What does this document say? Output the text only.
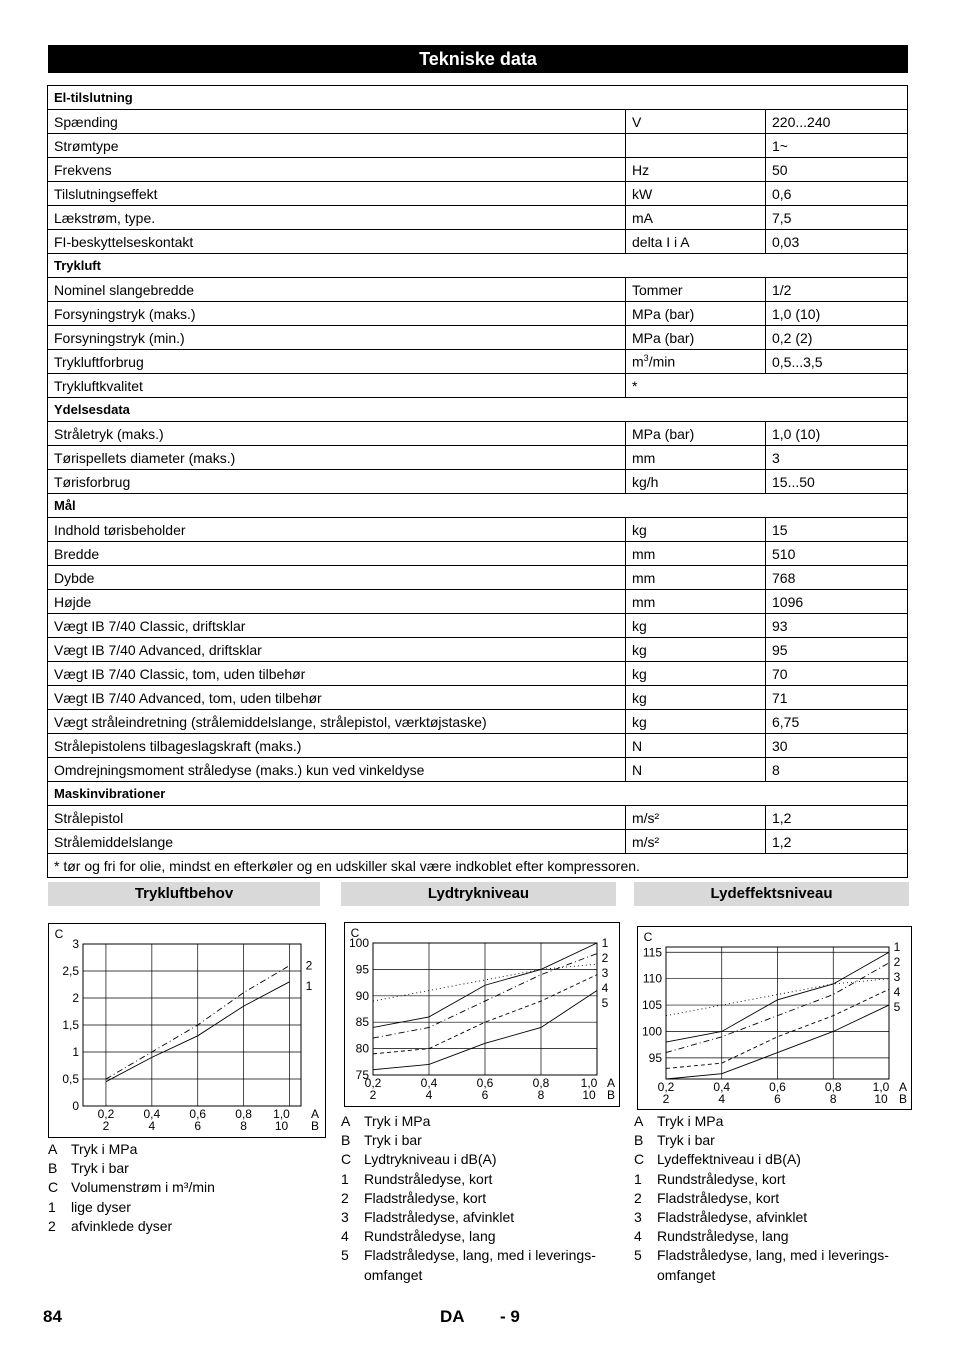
Tekniske data
El-tilslutning		
Spænding	V	220...240
Strømtype		1~
Frekvens	Hz	50
Tilslutningseffekt	kW	0,6
Lækstrøm, type.	mA	7,5
FI-beskyttelseskontakt	delta I i A	0,03
Trykluft		
Nominel slangebredde	Tommer	1/2
Forsyningstryk (maks.)	MPa (bar)	1,0 (10)
Forsyningstryk (min.)	MPa (bar)	0,2 (2)
Trykluftforbrug	$m^3/\min$	0,5...3,5
Trykluftkvalitet	*	
Ydelsesdata		
Stråletryk (maks.)	MPa (bar)	1,0 (10)
Tørispellets diameter (maks.)	mm	3
Tørisforbrug	kg/h	15...50
Mål		
Indhold tørisbeholder	kg	15
Bredde	mm	510
Dybde	mm	768
Højde	mm	1096
Vægt IB 7/40 Classic, driftsklar	kg	93
Vægt IB 7/40 Advanced, driftsklar	kg	95
Vægt IB 7/40 Classic, tom, uden tilbehør	kg	70
Vægt IB 7/40 Advanced, tom, uden tilbehør	kg	71
Vægt stråleindretning (strålemiddelslange, strålepistol, værktøjstaske)	kg	6,75
Strålepistolens tilbageslagskraft (maks.)	N	30
Omdrejningsmoment stråledyse (maks.) kun ved vinkeldyse	N	8
Maskinvibrationer		
Strålepistol	m/s²	1,2
Strålemiddelslange	m/s²	1,2
* tør og fri for olie, mindst en efterkøler og en udskiller skal være indkoblet efter kompressoren.		
Trykluftbehov	Lydtrykniveau	Lydeffektsniveau
0,2
2
0,4
4
0,6
6
0,8
8
1,0
10
0
0,5
1
1,5
2
2,5
3
C
A
B
1
2
0,2
2
0,4
4
0,6
6
0,8
8
1,0
10
75
80
85
90
95
100
C
A
B
1
2
3
4
5
0,2
2
0,4
4
0,6
6
0,8
8
1,0
10
95
100
105
110
115
C
A
B
1
2
3
4
5
A Tryk i MPa
B Tryk i bar
C Volumenstrøm i m³/min
1	lige dyser
2	afvinklede dyser
A Tryk i MPa
B Tryk i bar
C Lydtrykniveau i dB(A)
1	Rundstråledyse, kort
2	Fladstråledyse, kort
3	Fladstråledyse, afvinklet
4	Rundstråledyse, lang
5	Fladstråledyse, lang, med i leverings-omfanget
A Tryk i MPa
B Tryk i bar
C Lydeffektniveau i dB(A)
1	Rundstråledyse, kort
2	Fladstråledyse, kort
3	Fladstråledyse, afvinklet
4	Rundstråledyse, lang
5	Fladstråledyse, lang, med i leverings-omfanget
84	DA - 9
